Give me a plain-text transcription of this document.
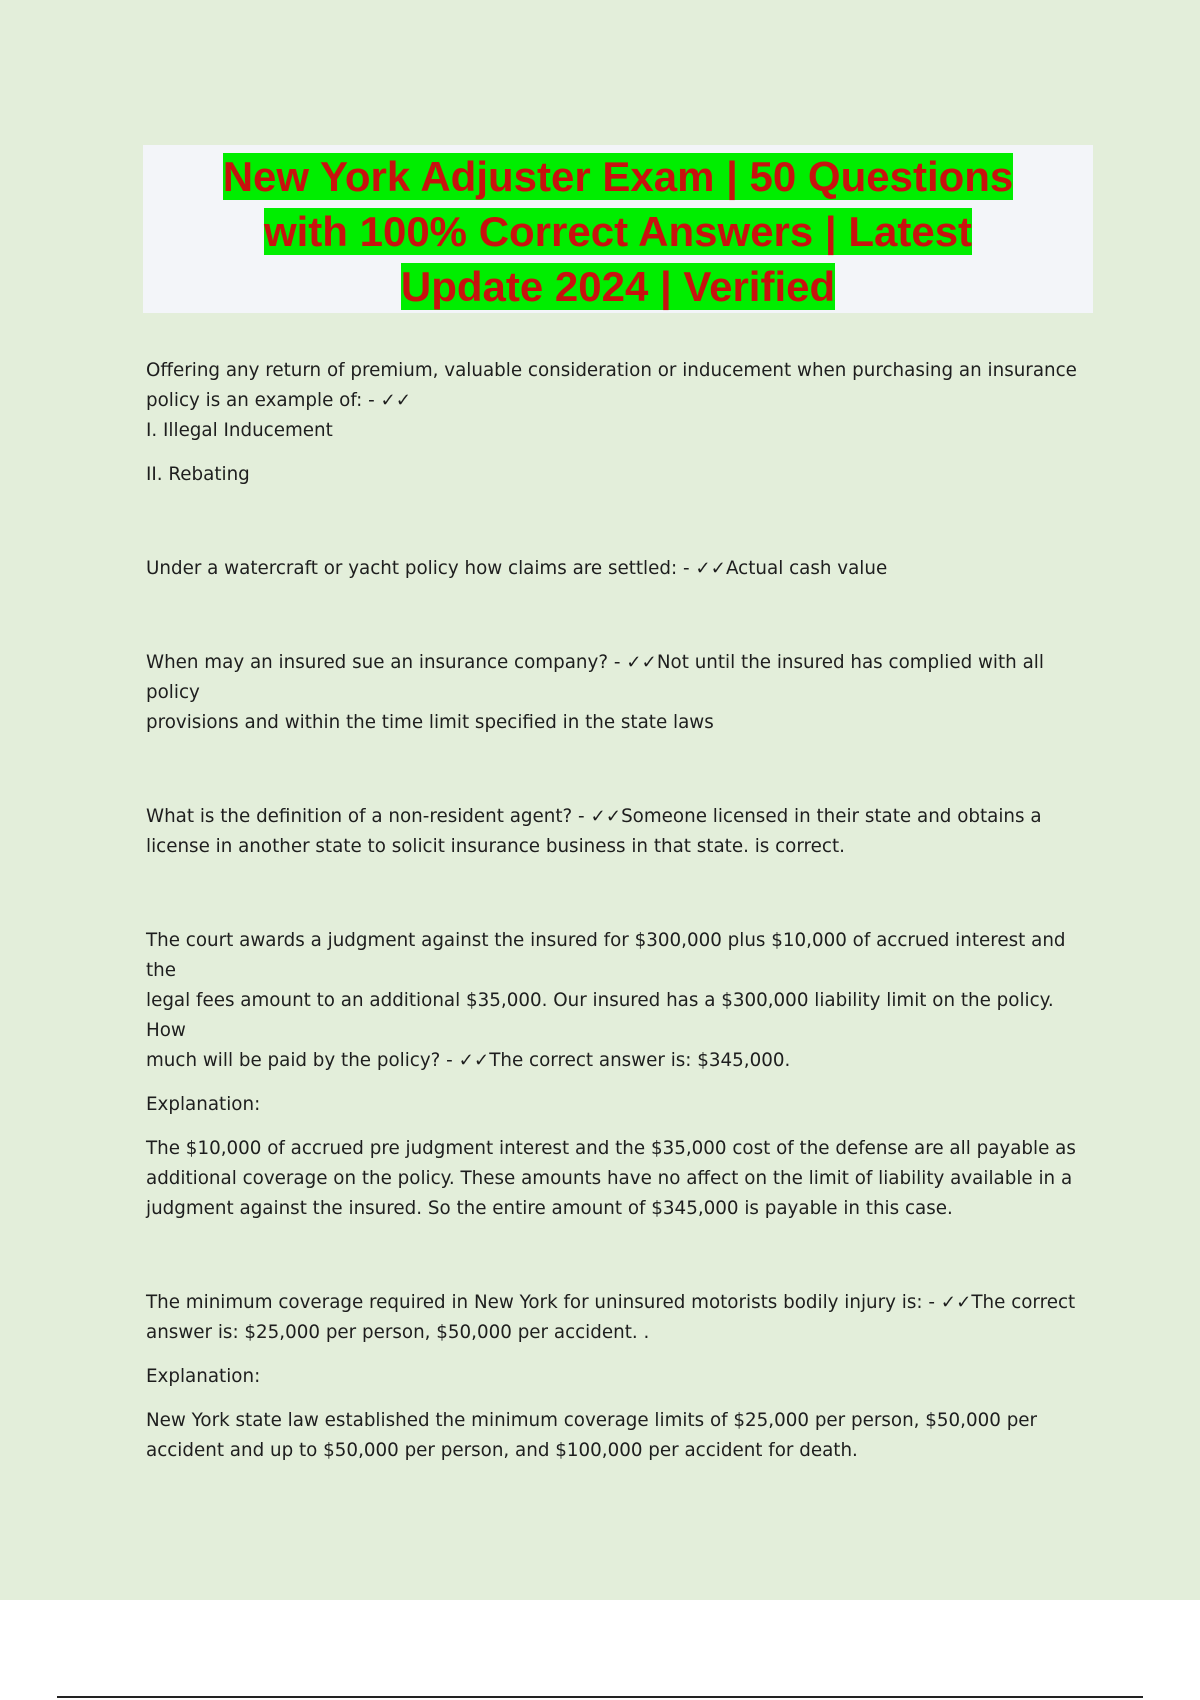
New York Adjuster Exam | 50 Questions
with 100% Correct Answers | Latest
Update 2024 | Verified

Offering any return of premium, valuable consideration or inducement when purchasing an insurance

policy is an example of: - ✓✓

I. Illegal Inducement

II. Rebating

Under a watercraft or yacht policy how claims are settled: - ✓✓Actual cash value

When may an insured sue an insurance company? - ✓✓Not until the insured has complied with all policy

provisions and within the time limit specified in the state laws

What is the definition of a non-resident agent? - ✓✓Someone licensed in their state and obtains a

license in another state to solicit insurance business in that state. is correct.

The court awards a judgment against the insured for $300,000 plus $10,000 of accrued interest and the

legal fees amount to an additional $35,000. Our insured has a $300,000 liability limit on the policy. How

much will be paid by the policy? - ✓✓The correct answer is: $345,000.

Explanation:

The $10,000 of accrued pre judgment interest and the $35,000 cost of the defense are all payable as

additional coverage on the policy. These amounts have no affect on the limit of liability available in a

judgment against the insured. So the entire amount of $345,000 is payable in this case.

The minimum coverage required in New York for uninsured motorists bodily injury is: - ✓✓The correct

answer is: $25,000 per person, $50,000 per accident. .

Explanation:

New York state law established the minimum coverage limits of $25,000 per person, $50,000 per

accident and up to $50,000 per person, and $100,000 per accident for death.
